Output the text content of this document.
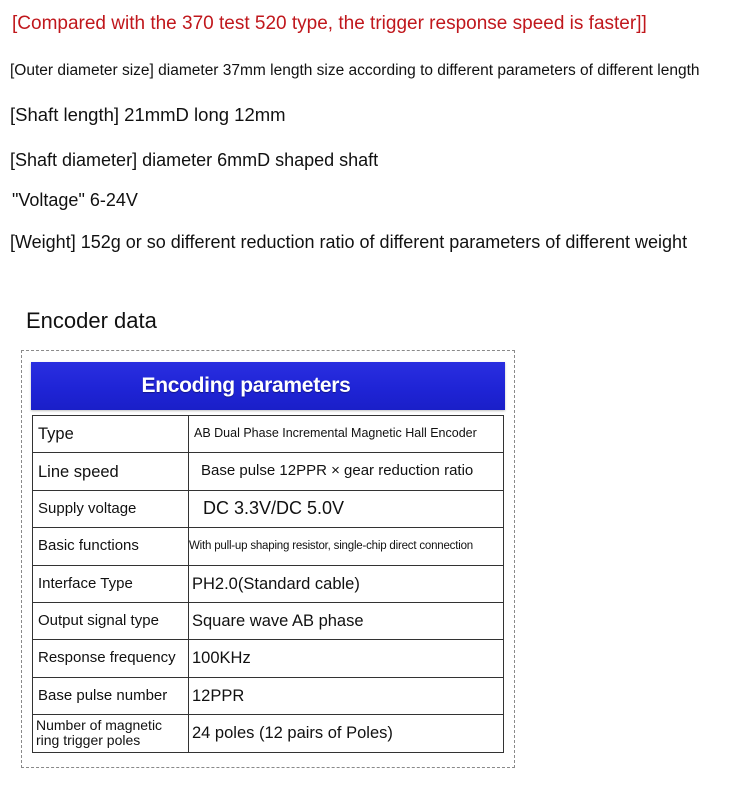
[Compared with the 370 test 520 type, the trigger response speed is faster]]
[Outer diameter size] diameter 37mm length size according to different parameters of different length
[Shaft length] 21mmD long 12mm
[Shaft diameter] diameter 6mmD shaped shaft
"Voltage" 6-24V
[Weight] 152g or so different reduction ratio of different parameters of different weight
Encoder data
Encoding parameters
Type	AB Dual Phase Incremental Magnetic Hall Encoder
Line speed	Base pulse 12PPR × gear reduction ratio
Supply voltage	DC 3.3V/DC 5.0V
Basic functions	With pull-up shaping resistor, single-chip direct connection
Interface Type	PH2.0(Standard cable)
Output signal type	Square wave AB phase
Response frequency	100KHz
Base pulse number	12PPR
Number of magnetic ring trigger poles	24 poles (12 pairs of Poles)
